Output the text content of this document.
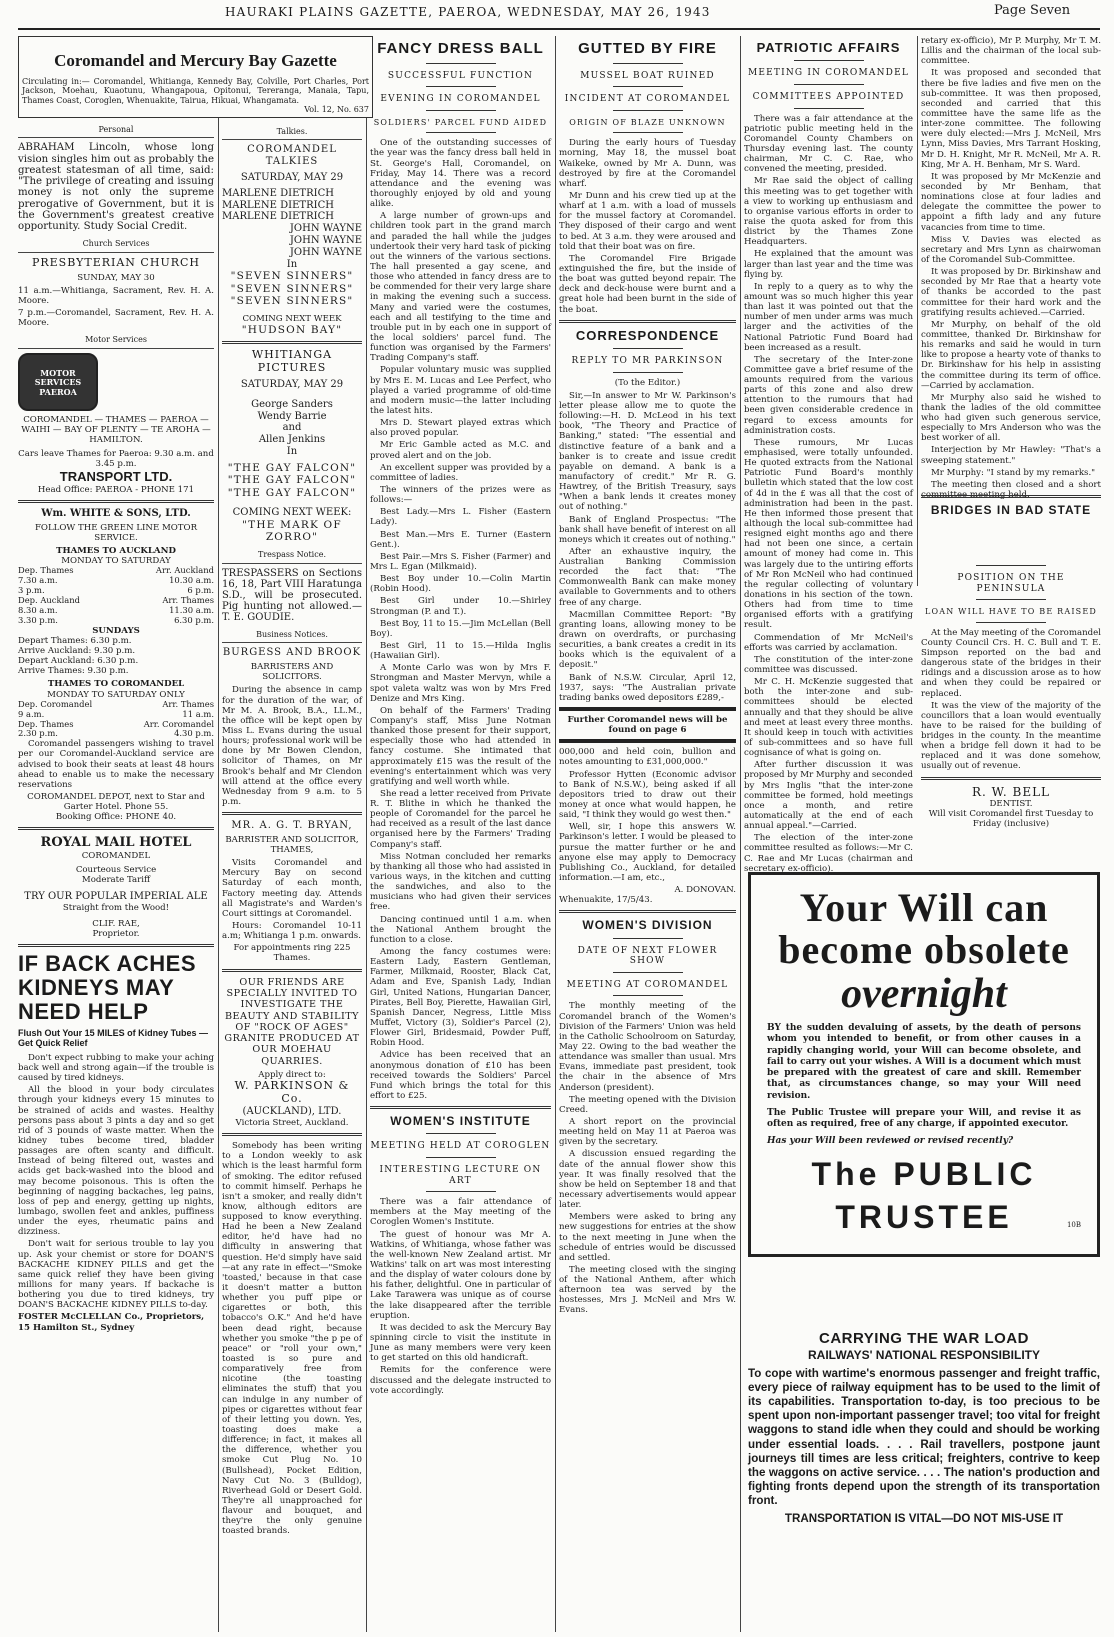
HAURAKI PLAINS GAZETTE, PAEROA, WEDNESDAY, MAY 26, 1943	Page Seven
Coromandel and Mercury Bay Gazette
Circulating in:— Coromandel, Whitianga, Kennedy Bay, Colville, Port Charles, Port Jackson, Moehau, Kuaotunu, Whangapoua, Opitonui, Tereranga, Manaia, Tapu, Thames Coast, Coroglen, Whenuakite, Tairua, Hikuai, Whangamata.
Vol. 12, No. 637
Personal

ABRAHAM Lincoln, whose long vision singles him out as probably the greatest statesman of all time, said: "The privilege of creating and issuing money is not only the supreme prerogative of Government, but it is the Government's greatest creative opportunity. Study Social Credit.

Church Services
PRESBYTERIAN CHURCH
SUNDAY, MAY 30

11 a.m.—Whitianga, Sacrament, Rev. H. A. Moore.

7 p.m.—Coromandel, Sacrament, Rev. H. A. Moore.

Motor Services
MOTOR SERVICES PAEROA
COROMANDEL — THAMES — PAEROA — WAIHI — BAY OF PLENTY — TE AROHA — HAMILTON.
Cars leave Thames for Paeroa: 9.30 a.m. and 3.45 p.m.
TRANSPORT LTD.
Head Office: PAEROA - PHONE 171
Wm. WHITE & SONS, LTD.
FOLLOW THE GREEN LINE MOTOR SERVICE.
THAMES TO AUCKLAND
MONDAY TO SATURDAY
Dep. Thames	Arr. Auckland
7.30 a.m.	10.30 a.m.
3 p.m.	6 p.m.
Dep. Auckland	Arr. Thames
8.30 a.m.	11.30 a.m.
3.30 p.m.	6.30 p.m.
SUNDAYS
Depart Thames: 6.30 p.m.
Arrive Auckland: 9.30 p.m.
Depart Auckland: 6.30 p.m.
Arrive Thames: 9.30 p.m.
THAMES TO COROMANDEL
MONDAY TO SATURDAY ONLY
Dep. Coromandel	Arr. Thames
9 a.m.	11 a.m.
Dep. Thames	Arr. Coromandel
2.30 p.m.	4.30 p.m.

Coromandel passengers wishing to travel per our Coromandel-Auckland service are advised to book their seats at least 48 hours ahead to enable us to make the necessary reservations

COROMANDEL DEPOT, next to Star and Garter Hotel. Phone 55.
Booking Office: PHONE 40.
ROYAL MAIL HOTEL
COROMANDEL
Courteous Service
Moderate Tariff
TRY OUR POPULAR IMPERIAL ALE
Straight from the Wood!
CLIF. RAE,
Proprietor.
IF BACK ACHES KIDNEYS MAY NEED HELP
Flush Out Your 15 MILES of Kidney Tubes — Get Quick Relief

Don't expect rubbing to make your aching back well and strong again—if the trouble is caused by tired kidneys.

All the blood in your body circulates through your kidneys every 15 minutes to be strained of acids and wastes. Healthy persons pass about 3 pints a day and so get rid of 3 pounds of waste matter. When the kidney tubes become tired, bladder passages are often scanty and difficult. Instead of being filtered out, wastes and acids get back-washed into the blood and may become poisonous. This is often the beginning of nagging backaches, leg pains, loss of pep and energy, getting up nights, lumbago, swollen feet and ankles, puffiness under the eyes, rheumatic pains and dizziness.

Don't wait for serious trouble to lay you up. Ask your chemist or store for DOAN'S BACKACHE KIDNEY PILLS and get the same quick relief they have been giving millions for many years. If backache is bothering you due to tired kidneys, try DOAN'S BACKACHE KIDNEY PILLS to-day.

FOSTER McCLELLAN Co., Proprietors, 15 Hamilton St., Sydney
Talkies.
COROMANDEL TALKIES
SATURDAY, MAY 29
MARLENE DIETRICH
MARLENE DIETRICH
MARLENE DIETRICH
JOHN WAYNE
JOHN WAYNE
JOHN WAYNE
In
"SEVEN SINNERS"
"SEVEN SINNERS"
"SEVEN SINNERS"
COMING NEXT WEEK
"HUDSON BAY"
WHITIANGA PICTURES
SATURDAY, MAY 29
George Sanders
Wendy Barrie
and
Allen Jenkins
In
"THE GAY FALCON"
"THE GAY FALCON"
"THE GAY FALCON"
COMING NEXT WEEK:
"THE MARK OF ZORRO"
Trespass Notice.

TRESPASSERS on Sections 16, 18, Part VIII Haratunga S.D., will be prosecuted. Pig hunting not allowed.—T. E. GOUDIE.

Business Notices.
BURGESS AND BROOK
BARRISTERS AND SOLICITORS.

During the absence in camp for the duration of the war, of Mr M. A. Brook, B.A., LL.M., the office will be kept open by Miss L. Evans during the usual hours; professional work will be done by Mr Bowen Clendon, solicitor of Thames, on Mr Brook's behalf and Mr Clendon will attend at the office every Wednesday from 9 a.m. to 5 p.m.

MR. A. G. T. BRYAN,
BARRISTER AND SOLICITOR, THAMES,

Visits Coromandel and Mercury Bay on second Saturday of each month, Factory meeting day. Attends all Magistrate's and Warden's Court sittings at Coromandel.

Hours: Coromandel 10-11 a.m; Whitianga 1 p.m. onwards.

For appointments ring 225 Thames.
OUR FRIENDS ARE SPECIALLY INVITED TO INVESTIGATE THE BEAUTY AND STABILITY OF "ROCK OF AGES" GRANITE PRODUCED AT OUR MOEHAU QUARRIES.
Apply direct to:
W. PARKINSON & Co.
(AUCKLAND), LTD.
Victoria Street, Auckland.

Somebody has been writing to a London weekly to ask which is the least harmful form of smoking. The editor refused to commit himself. Perhaps he isn't a smoker, and really didn't know, although editors are supposed to know everything. Had he been a New Zealand editor, he'd have had no difficulty in answering that question. He'd simply have said—at any rate in effect—"Smoke 'toasted,' because in that case it doesn't matter a button whether you puff pipe or cigarettes or both, this tobacco's O.K." And he'd have been dead right, because whether you smoke "the p pe of peace" or "roll your own," toasted is so pure and comparatively free from nicotine (the toasting eliminates the stuff) that you can indulge in any number of pipes or cigarettes without fear of their letting you down. Yes, toasting does make a difference; in fact, it makes all the difference, whether you smoke Cut Plug No. 10 (Bullshead), Pocket Edition, Navy Cut No. 3 (Bulldog), Riverhead Gold or Desert Gold. They're all unapproached for flavour and bouquet, and they're the only genuine toasted brands.

FANCY DRESS BALL
SUCCESSFUL FUNCTION
EVENING IN COROMANDEL
SOLDIERS' PARCEL FUND AIDED

One of the outstanding successes of the year was the fancy dress ball held in St. George's Hall, Coromandel, on Friday, May 14. There was a record attendance and the evening was thoroughly enjoyed by old and young alike.

A large number of grown-ups and children took part in the grand march and paraded the hall while the judges undertook their very hard task of picking out the winners of the various sections. The hall presented a gay scene, and those who attended in fancy dress are to be commended for their very large share in making the evening such a success. Many and varied were the costumes, each and all testifying to the time and trouble put in by each one in support of the local soldiers' parcel fund. The function was organised by the Farmers' Trading Company's staff.

Popular voluntary music was supplied by Mrs E. M. Lucas and Lee Perfect, who played a varied programme of old-time and modern music—the latter including the latest hits.

Mrs D. Stewart played extras which also proved popular.

Mr Eric Gamble acted as M.C. and proved alert and on the job.

An excellent supper was provided by a committee of ladies.

The winners of the prizes were as follows:—

Best Lady.—Mrs L. Fisher (Eastern Lady).

Best Man.—Mrs E. Turner (Eastern Gent.).

Best Pair.—Mrs S. Fisher (Farmer) and Mrs L. Egan (Milkmaid).

Best Boy under 10.—Colin Martin (Robin Hood).

Best Girl under 10.—Shirley Strongman (P. and T.).

Best Boy, 11 to 15.—Jim McLellan (Bell Boy).

Best Girl, 11 to 15.—Hilda Inglis (Hawaiian Girl).

A Monte Carlo was won by Mrs F. Strongman and Master Mervyn, while a spot valeta waltz was won by Mrs Fred Denize and Mrs King.

On behalf of the Farmers' Trading Company's staff, Miss June Notman thanked those present for their support, especially those who had attended in fancy costume. She intimated that approximately £15 was the result of the evening's entertainment which was very gratifying and well worth while.

She read a letter received from Private R. T. Blithe in which he thanked the people of Coromandel for the parcel he had received as a result of the last dance organised here by the Farmers' Trading Company's staff.

Miss Notman concluded her remarks by thanking all those who had assisted in various ways, in the kitchen and cutting the sandwiches, and also to the musicians who had given their services free.

Dancing continued until 1 a.m. when the National Anthem brought the function to a close.

Among the fancy costumes were: Eastern Lady, Eastern Gentleman, Farmer, Milkmaid, Rooster, Black Cat, Adam and Eve, Spanish Lady, Indian Girl, United Nations, Hungarian Dancer, Pirates, Bell Boy, Pierette, Hawaiian Girl, Spanish Dancer, Negress, Little Miss Muffet, Victory (3), Soldier's Parcel (2), Flower Girl, Bridesmaid, Powder Puff, Robin Hood.

Advice has been received that an anonymous donation of £10 has been received towards the Soldiers' Parcel Fund which brings the total for this effort to £25.

WOMEN'S INSTITUTE
MEETING HELD AT COROGLEN
INTERESTING LECTURE ON ART

There was a fair attendance of members at the May meeting of the Coroglen Women's Institute.

The guest of honour was Mr A. Watkins, of Whitianga, whose father was the well-known New Zealand artist. Mr Watkins' talk on art was most interesting and the display of water colours done by his father, delightful. One in particular of Lake Tarawera was unique as of course the lake disappeared after the terrible eruption.

It was decided to ask the Mercury Bay spinning circle to visit the institute in June as many members were very keen to get started on this old handicraft.

Remits for the conference were discussed and the delegate instructed to vote accordingly.

GUTTED BY FIRE
MUSSEL BOAT RUINED
INCIDENT AT COROMANDEL
ORIGIN OF BLAZE UNKNOWN

During the early hours of Tuesday morning, May 18, the mussel boat Waikeke, owned by Mr A. Dunn, was destroyed by fire at the Coromandel wharf.

Mr Dunn and his crew tied up at the wharf at 1 a.m. with a load of mussels for the mussel factory at Coromandel. They disposed of their cargo and went to bed. At 3 a.m. they were aroused and told that their boat was on fire.

The Coromandel Fire Brigade extinguished the fire, but the inside of the boat was gutted beyond repair. The deck and deck-house were burnt and a great hole had been burnt in the side of the boat.

CORRESPONDENCE
REPLY TO MR PARKINSON
(To the Editor.)

Sir,—In answer to Mr W. Parkinson's letter please allow me to quote the following:—H. D. McLeod in his text book, "The Theory and Practice of Banking," stated: "The essential and distinctive feature of a bank and a banker is to create and issue credit payable on demand. A bank is a manufactory of credit." Mr R. G. Hawtrey, of the British Treasury, says "When a bank lends it creates money out of nothing."

Bank of England Prospectus: "The bank shall have benefit of interest on all moneys which it creates out of nothing."

After an exhaustive inquiry, the Australian Banking Commission recorded the fact that: "The Commonwealth Bank can make money available to Governments and to others free of any charge.

Macmillan Committee Report: "By granting loans, allowing money to be drawn on overdrafts, or purchasing securities, a bank creates a credit in its books which is the equivalent of a deposit."

Bank of N.S.W. Circular, April 12, 1937, says: "The Australian private trading banks owed depositors £289,-

Further Coromandel news will be found on page 6

000,000 and held coin, bullion and notes amounting to £31,000,000."

Professor Hytten (Economic advisor to Bank of N.S.W.), being asked if all depositors tried to draw out their money at once what would happen, he said, "I think they would go west then."

Well, sir, I hope this answers W. Parkinson's letter. I would be pleased to pursue the matter further or he and anyone else may apply to Democracy Publishing Co., Auckland, for detailed information.—I am, etc.,

A. DONOVAN.
Whenuakite, 17/5/43.
WOMEN'S DIVISION
DATE OF NEXT FLOWER SHOW
MEETING AT COROMANDEL

The monthly meeting of the Coromandel branch of the Women's Division of the Farmers' Union was held in the Catholic Schoolroom on Saturday, May 22. Owing to the bad weather the attendance was smaller than usual. Mrs Evans, immediate past president, took the chair in the absence of Mrs Anderson (president).

The meeting opened with the Division Creed.

A short report on the provincial meeting held on May 11 at Paeroa was given by the secretary.

A discussion ensued regarding the date of the annual flower show this year. It was finally resolved that the show be held on September 18 and that necessary advertisements would appear later.

Members were asked to bring any new suggestions for entries at the show to the next meeting in June when the schedule of entries would be discussed and settled.

The meeting closed with the singing of the National Anthem, after which afternoon tea was served by the hostesses, Mrs J. McNeil and Mrs W. Evans.

PATRIOTIC AFFAIRS
MEETING IN COROMANDEL
COMMITTEES APPOINTED

There was a fair attendance at the patriotic public meeting held in the Coromandel County Chambers on Thursday evening last. The county chairman, Mr C. C. Rae, who convened the meeting, presided.

Mr Rae said the object of calling this meeting was to get together with a view to working up enthusiasm and to organise various efforts in order to raise the quota asked for from this district by the Thames Zone Headquarters.

He explained that the amount was larger than last year and the time was flying by.

In reply to a query as to why the amount was so much higher this year than last it was pointed out that the number of men under arms was much larger and the activities of the National Patriotic Fund Board had been increased as a result.

The secretary of the Inter-zone Committee gave a brief resume of the amounts required from the various parts of this zone and also drew attention to the rumours that had been given considerable credence in regard to excess amounts for administration costs.

These rumours, Mr Lucas emphasised, were totally unfounded. He quoted extracts from the National Patriotic Fund Board's monthly bulletin which stated that the low cost of 4d in the £ was all that the cost of administration had been in the past. He then informed those present that although the local sub-committee had resigned eight months ago and there had not been one since, a certain amount of money had come in. This was largely due to the untiring efforts of Mr Ron McNeil who had continued the regular collecting of voluntary donations in his section of the town. Others had from time to time organised efforts with a gratifying result.

Commendation of Mr McNeil's efforts was carried by acclamation.

The constitution of the inter-zone committee was discussed.

Mr C. H. McKenzie suggested that both the inter-zone and sub-committees should be elected annually and that they should be alive and meet at least every three months. It should keep in touch with activities of sub-committees and so have full cognisance of what is going on.

After further discussion it was proposed by Mr Murphy and seconded by Mrs Inglis "that the inter-zone committee be formed, hold meetings once a month, and retire automatically at the end of each annual appeal."—Carried.

The election of the inter-zone committee resulted as follows:—Mr C. C. Rae and Mr Lucas (chairman and secretary ex-officio).

retary ex-officio), Mr P. Murphy, Mr T. M. Lillis and the chairman of the local sub-committee.

It was proposed and seconded that there be five ladies and five men on the sub-committee. It was then proposed, seconded and carried that this committee have the same life as the inter-zone committee. The following were duly elected:—Mrs J. McNeil, Mrs Lynn, Miss Davies, Mrs Tarrant Hosking, Mr D. H. Knight, Mr R. McNeil, Mr A. R. King, Mr A. H. Benham, Mr S. Ward.

It was proposed by Mr McKenzie and seconded by Mr Benham, that nominations close at four ladies and delegate the committee the power to appoint a fifth lady and any future vacancies from time to time.

Miss V. Davies was elected as secretary and Mrs Lynn as chairwoman of the Coromandel Sub-Committee.

It was proposed by Dr. Birkinshaw and seconded by Mr Rae that a hearty vote of thanks be accorded to the past committee for their hard work and the gratifying results achieved.—Carried.

Mr Murphy, on behalf of the old committee, thanked Dr. Birkinshaw for his remarks and said he would in turn like to propose a hearty vote of thanks to Dr. Birkinshaw for his help in assisting the committee during its term of office.—Carried by acclamation.

Mr Murphy also said he wished to thank the ladies of the old committee who had given such generous service, especially to Mrs Anderson who was the best worker of all.

Interjection by Mr Hawley: "That's a sweeping statement."

Mr Murphy: "I stand by my remarks."

The meeting then closed and a short committee meeting held.

BRIDGES IN BAD STATE
POSITION ON THE PENINSULA
LOAN WILL HAVE TO BE RAISED

At the May meeting of the Coromandel County Council Crs. H. C. Bull and T. E. Simpson reported on the bad and dangerous state of the bridges in their ridings and a discussion arose as to how and when they could be repaired or replaced.

It was the view of the majority of the councillors that a loan would eventually have to be raised for the building of bridges in the county. In the meantime when a bridge fell down it had to be replaced and it was done somehow, usually out of revenue.

R. W. BELL
DENTIST.
Will visit Coromandel first Tuesday to Friday (inclusive)
Your Will can
become obsolete
overnight
BY the sudden devaluing of assets, by the death of persons whom you intended to benefit, or from other causes in a rapidly changing world, your Will can become obsolete, and fail to carry out your wishes. A Will is a document which must be prepared with the greatest of care and skill. Remember that, as circumstances change, so may your Will need revision.
The Public Trustee will prepare your Will, and revise it as often as required, free of any charge, if appointed executor.
Has your Will been reviewed or revised recently?
The PUBLIC
TRUSTEE	10B
CARRYING THE WAR LOAD
RAILWAYS' NATIONAL RESPONSIBILITY
To cope with wartime's enormous passenger and freight traffic, every piece of railway equipment has to be used to the limit of its capabilities. Transportation to-day, is too precious to be spent upon non-important passenger travel; too vital for freight waggons to stand idle when they could and should be working under essential loads. . . . Rail travellers, postpone jaunt journeys till times are less critical; freighters, contrive to keep the waggons on active service. . . . The nation's production and fighting fronts depend upon the strength of its transportation front.
TRANSPORTATION IS VITAL—DO NOT MIS-USE IT
